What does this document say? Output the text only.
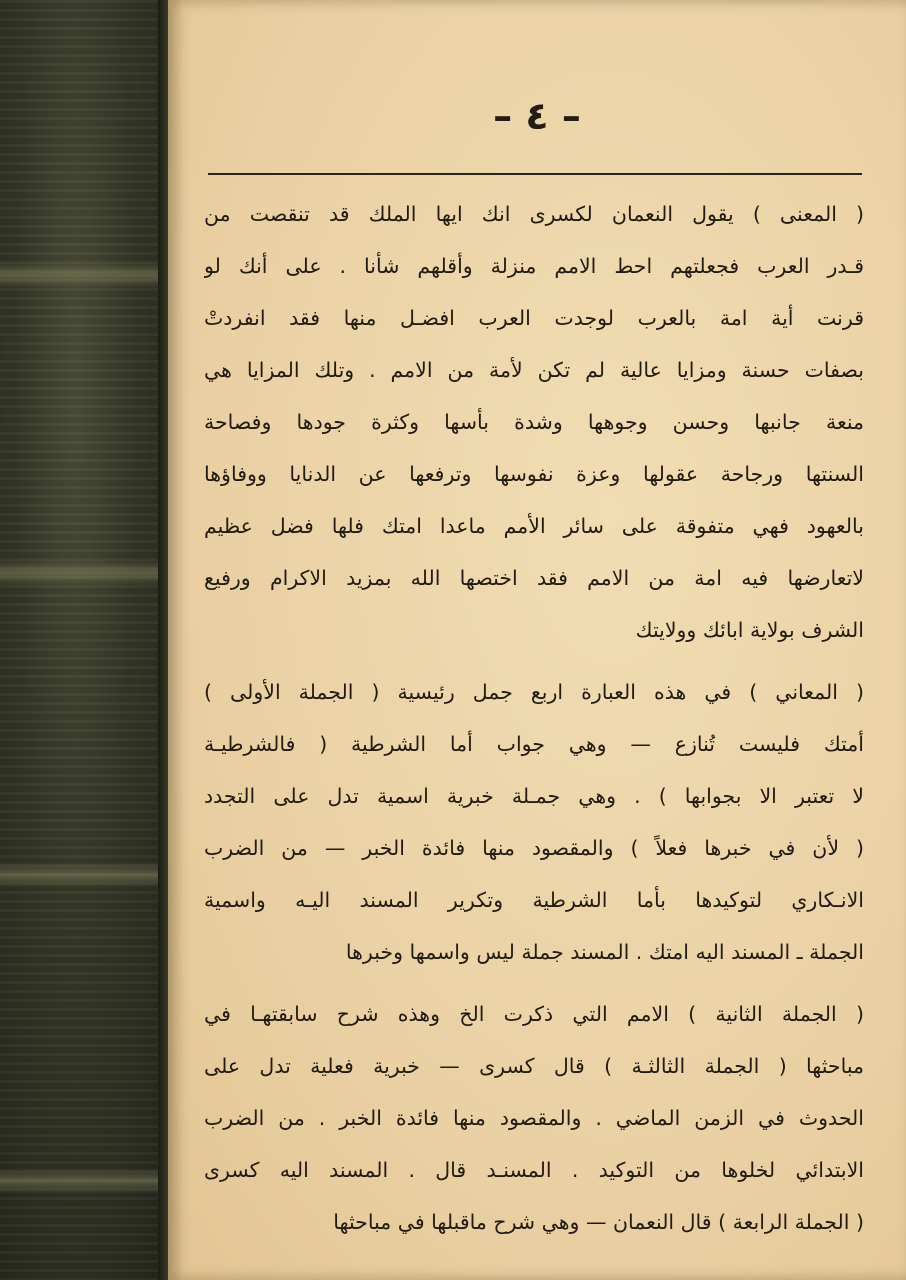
– ٤ –
( المعنى ) يقول النعمان لكسرى انك ايها الملك قد تنقصت من
قـدر العرب فجعلتهم احط الامم منزلة وأقلهم شأنا . على أنك لو
قرنت أية امة بالعرب لوجدت العرب افضـل منها فقد انفردتْ
بصفات حسنة ومزايا عالية لم تكن لأمة من الامم . وتلك المزايا هي
منعة جانبها وحسن وجوهها وشدة بأسها وكثرة جودها وفصاحة
السنتها ورجاحة عقولها وعزة نفوسها وترفعها عن الدنايا ووفاؤها
بالعهود فهي متفوقة على سائر الأمم ماعدا امتك فلها فضل عظيم
لاتعارضها فيه امة من الامم فقد اختصها الله بمزيد الاكرام ورفيع
الشرف بولاية ابائك وولايتك
( المعاني ) في هذه العبارة اربع جمل رئيسية ( الجملة الأولى )
أمتك فليست تُنازع — وهي جواب أما الشرطية ( فالشرطيـة
لا تعتبر الا بجوابها ) . وهي جمـلة خبرية اسمية تدل على التجدد
( لأن في خبرها فعلاً ) والمقصود منها فائدة الخبر — من الضرب
الانـكاري لتوكيدها بأما الشرطية وتكرير المسند اليـه واسمية
الجملة ـ المسند اليه امتك . المسند جملة ليس واسمها وخبرها
( الجملة الثانية ) الامم التي ذكرت الخ وهذه شرح سابقتهـا في
مباحثها ( الجملة الثالثـة ) قال كسرى — خبرية فعلية تدل على
الحدوث في الزمن الماضي . والمقصود منها فائدة الخبر . من الضرب
الابتدائي لخلوها من التوكيد . المسنـد قال . المسند اليه كسرى
( الجملة الرابعة ) قال النعمان — وهي شرح ماقبلها في مباحثها
